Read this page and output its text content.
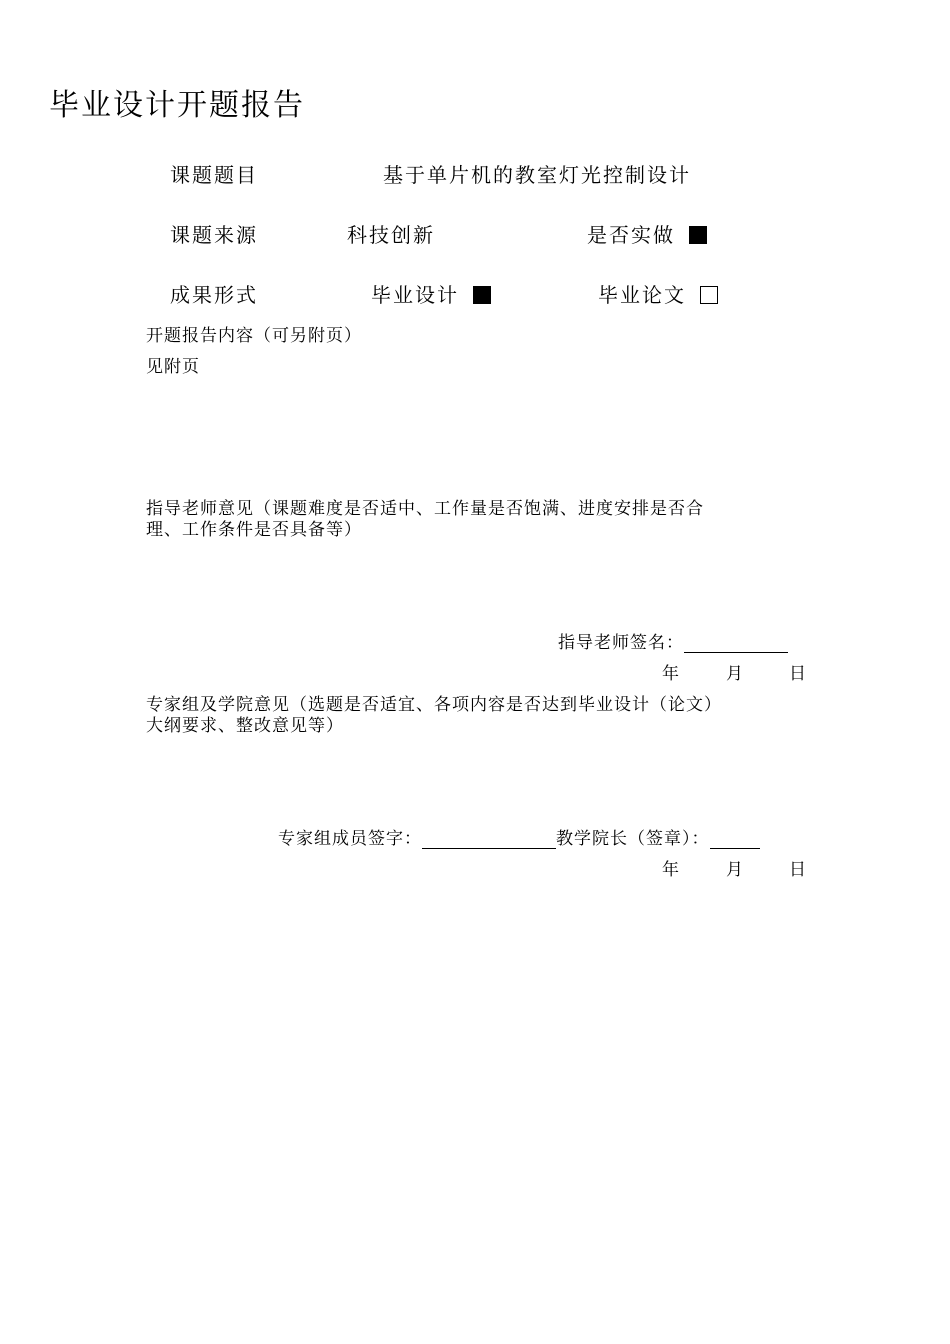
毕业设计开题报告
课题题目	基于单片机的教室灯光控制设计
课题来源	科技创新	是否实做
成果形式	毕业设计	毕业论文
开题报告内容（可另附页）
见附页
指导老师意见（课题难度是否适中、工作量是否饱满、进度安排是否合
理、工作条件是否具备等）
指导老师签名：
年	月	日
专家组及学院意见（选题是否适宜、各项内容是否达到毕业设计（论文）
大纲要求、整改意见等）
专家组成员签字：	教学院长（签章）：
年	月	日
